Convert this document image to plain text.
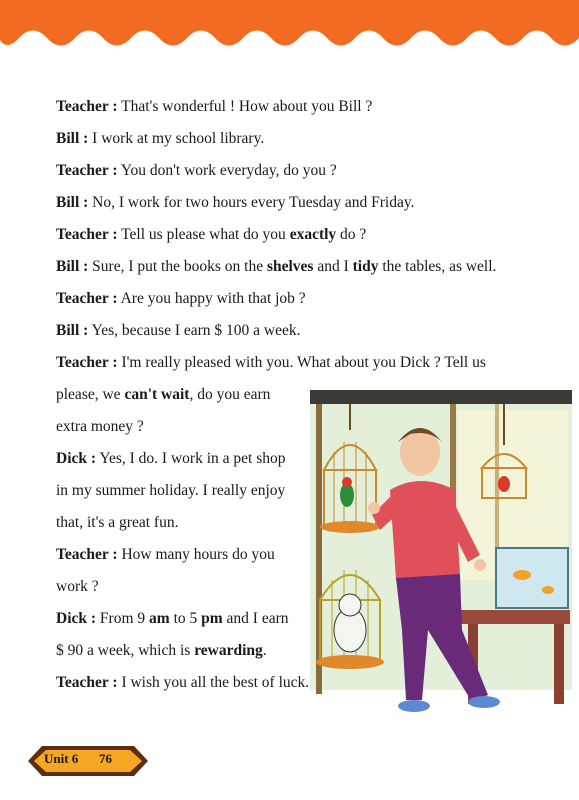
Teacher : That's wonderful ! How about you Bill ?
Bill : I work at my school library.
Teacher : You don't work everyday, do you ?
Bill : No, I work for two hours every Tuesday and Friday.
Teacher : Tell us please what do you exactly do ?
Bill : Sure, I put the books on the shelves and I tidy the tables, as well.
Teacher : Are you happy with that job ?
Bill : Yes, because I earn $ 100 a week.
Teacher : I'm really pleased with you. What about you Dick ? Tell us
please, we can't wait, do you earn
extra money ?
Dick : Yes, I do. I work in a pet shop
in my summer holiday. I really enjoy
that, it's a great fun.
Teacher : How many hours do you
work ?
Dick : From 9 am to 5 pm and I earn
$ 90 a week, which is rewarding.
Teacher : I wish you all the best of luck.
Unit 6 76
